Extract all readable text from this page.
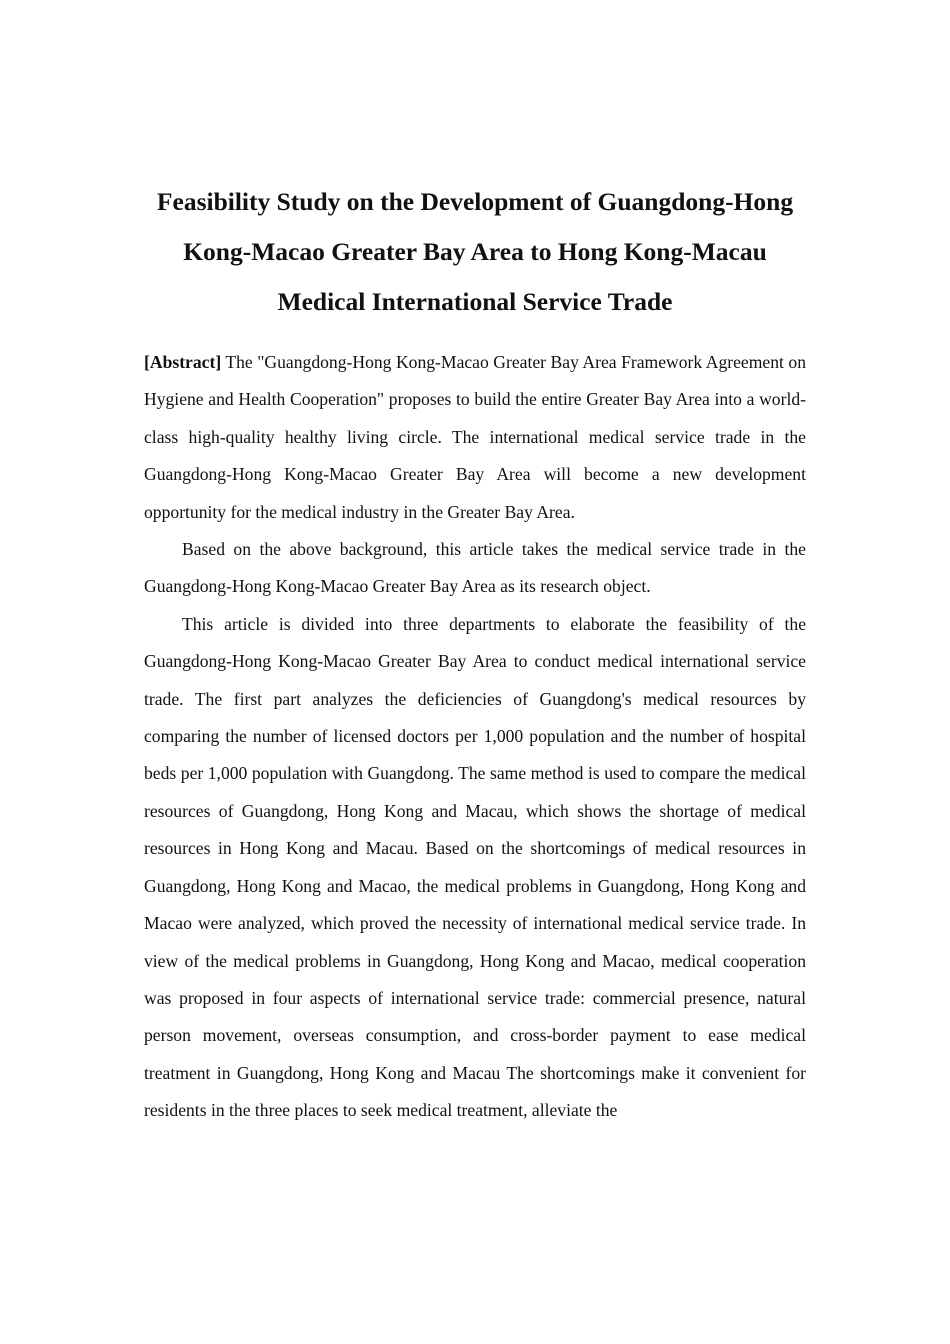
Feasibility Study on the Development of Guangdong-Hong
Kong-Macao Greater Bay Area to Hong Kong-Macau
Medical International Service Trade

[Abstract] The "Guangdong-Hong Kong-Macao Greater Bay Area Framework Agreement on Hygiene and Health Cooperation" proposes to build the entire Greater Bay Area into a world-class high-quality healthy living circle. The international medical service trade in the Guangdong-Hong Kong-Macao Greater Bay Area will become a new development opportunity for the medical industry in the Greater Bay Area.

Based on the above background, this article takes the medical service trade in the Guangdong-Hong Kong-Macao Greater Bay Area as its research object.

This article is divided into three departments to elaborate the feasibility of the Guangdong-Hong Kong-Macao Greater Bay Area to conduct medical international service trade. The first part analyzes the deficiencies of Guangdong's medical resources by comparing the number of licensed doctors per 1,000 population and the number of hospital beds per 1,000 population with Guangdong. The same method is used to compare the medical resources of Guangdong, Hong Kong and Macau, which shows the shortage of medical resources in Hong Kong and Macau. Based on the shortcomings of medical resources in Guangdong, Hong Kong and Macao, the medical problems in Guangdong, Hong Kong and Macao were analyzed, which proved the necessity of international medical service trade. In view of the medical problems in Guangdong, Hong Kong and Macao, medical cooperation was proposed in four aspects of international service trade: commercial presence, natural person movement, overseas consumption, and cross-border payment to ease medical treatment in Guangdong, Hong Kong and Macau The shortcomings make it convenient for residents in the three places to seek medical treatment, alleviate the
